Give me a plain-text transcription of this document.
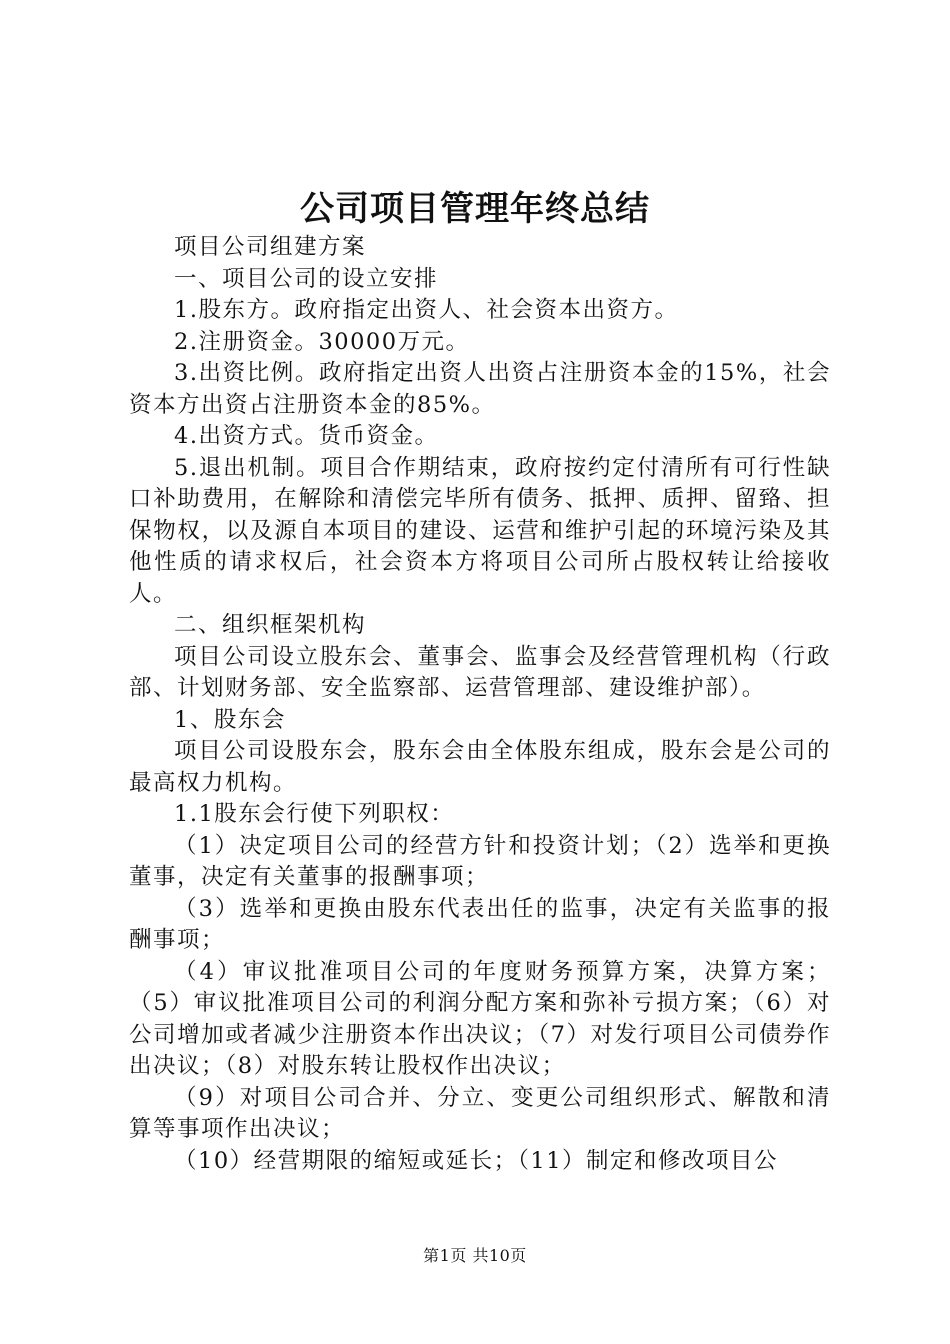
公司项目管理年终总结

项目公司组建方案

一、项目公司的设立安排

1.股东方。政府指定出资人、社会资本出资方。

2.注册资金。30000万元。

3.出资比例。政府指定出资人出资占注册资本金的15%，社会资本方出资占注册资本金的85%。

4.出资方式。货币资金。

5.退出机制。项目合作期结束，政府按约定付清所有可行性缺口补助费用，在解除和清偿完毕所有债务、抵押、质押、留臵、担保物权，以及源自本项目的建设、运营和维护引起的环境污染及其他性质的请求权后，社会资本方将项目公司所占股权转让给接收人。

二、组织框架机构

项目公司设立股东会、董事会、监事会及经营管理机构（行政部、计划财务部、安全监察部、运营管理部、建设维护部）。

1、股东会

项目公司设股东会，股东会由全体股东组成，股东会是公司的最高权力机构。

1.1股东会行使下列职权：

（1）决定项目公司的经营方针和投资计划；（2）选举和更换董事，决定有关董事的报酬事项；

（3）选举和更换由股东代表出任的监事，决定有关监事的报酬事项；

（4）审议批准项目公司的年度财务预算方案，决算方案；（5）审议批准项目公司的利润分配方案和弥补亏损方案；（6）对公司增加或者减少注册资本作出决议；（7）对发行项目公司债券作出决议；（8）对股东转让股权作出决议；

（9）对项目公司合并、分立、变更公司组织形式、解散和清算等事项作出决议；

（10）经营期限的缩短或延长；（11）制定和修改项目公

第1页 共10页
